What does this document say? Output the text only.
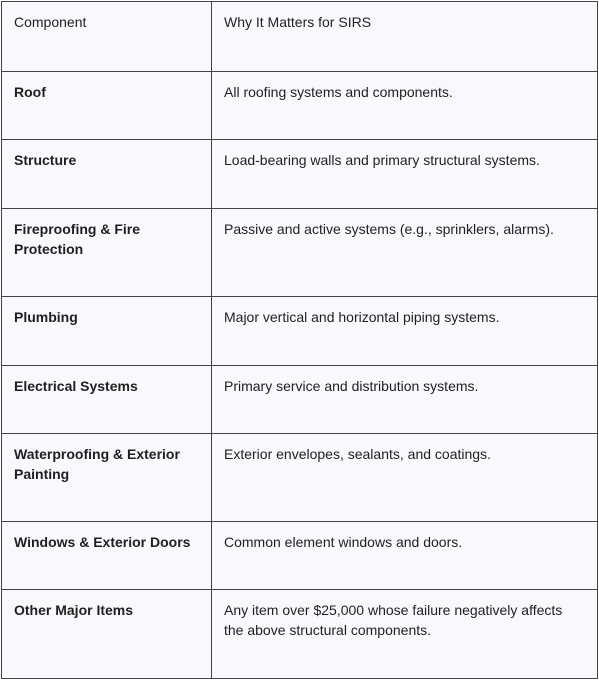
Component	Why It Matters for SIRS
Roof	All roofing systems and components.
Structure	Load-bearing walls and primary structural systems.
Fireproofing & Fire Protection	Passive and active systems (e.g., sprinklers, alarms).
Plumbing	Major vertical and horizontal piping systems.
Electrical Systems	Primary service and distribution systems.
Waterproofing & Exterior Painting	Exterior envelopes, sealants, and coatings.
Windows & Exterior Doors	Common element windows and doors.
Other Major Items	Any item over $25,000 whose failure negatively affects the above structural components.
